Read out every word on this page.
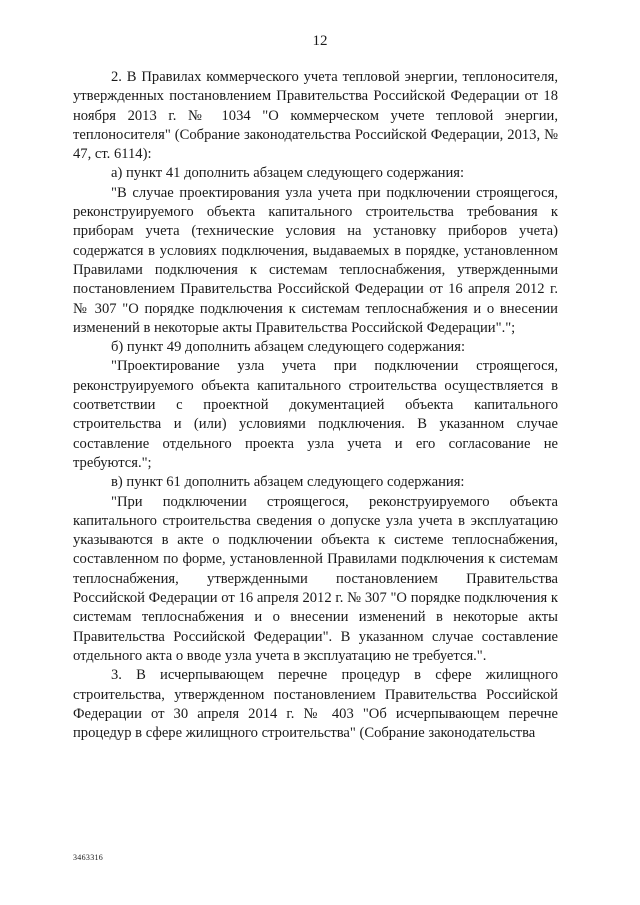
12

2. В Правилах коммерческого учета тепловой энергии, теплоносителя, утвержденных постановлением Правительства Российской Федерации от 18 ноября 2013 г. № 1034 "О коммерческом учете тепловой энергии, теплоносителя" (Собрание законодательства Российской Федерации, 2013, № 47, ст. 6114):

а) пункт 41 дополнить абзацем следующего содержания:

"В случае проектирования узла учета при подключении строящегося, реконструируемого объекта капитального строительства требования к приборам учета (технические условия на установку приборов учета) содержатся в условиях подключения, выдаваемых в порядке, установленном Правилами подключения к системам теплоснабжения, утвержденными постановлением Правительства Российской Федерации от 16 апреля 2012 г. № 307 "О порядке подключения к системам теплоснабжения и о внесении изменений в некоторые акты Правительства Российской Федерации".";

б) пункт 49 дополнить абзацем следующего содержания:

"Проектирование узла учета при подключении строящегося, реконструируемого объекта капитального строительства осуществляется в соответствии с проектной документацией объекта капитального строительства и (или) условиями подключения. В указанном случае составление отдельного проекта узла учета и его согласование не требуются.";

в) пункт 61 дополнить абзацем следующего содержания:

"При подключении строящегося, реконструируемого объекта капитального строительства сведения о допуске узла учета в эксплуатацию указываются в акте о подключении объекта к системе теплоснабжения, составленном по форме, установленной Правилами подключения к системам теплоснабжения, утвержденными постановлением Правительства Российской Федерации от 16 апреля 2012 г. № 307 "О порядке подключения к системам теплоснабжения и о внесении изменений в некоторые акты Правительства Российской Федерации". В указанном случае составление отдельного акта о вводе узла учета в эксплуатацию не требуется.".

3. В исчерпывающем перечне процедур в сфере жилищного строительства, утвержденном постановлением Правительства Российской Федерации от 30 апреля 2014 г. № 403 "Об исчерпывающем перечне процедур в сфере жилищного строительства" (Собрание законодательства

3463316
